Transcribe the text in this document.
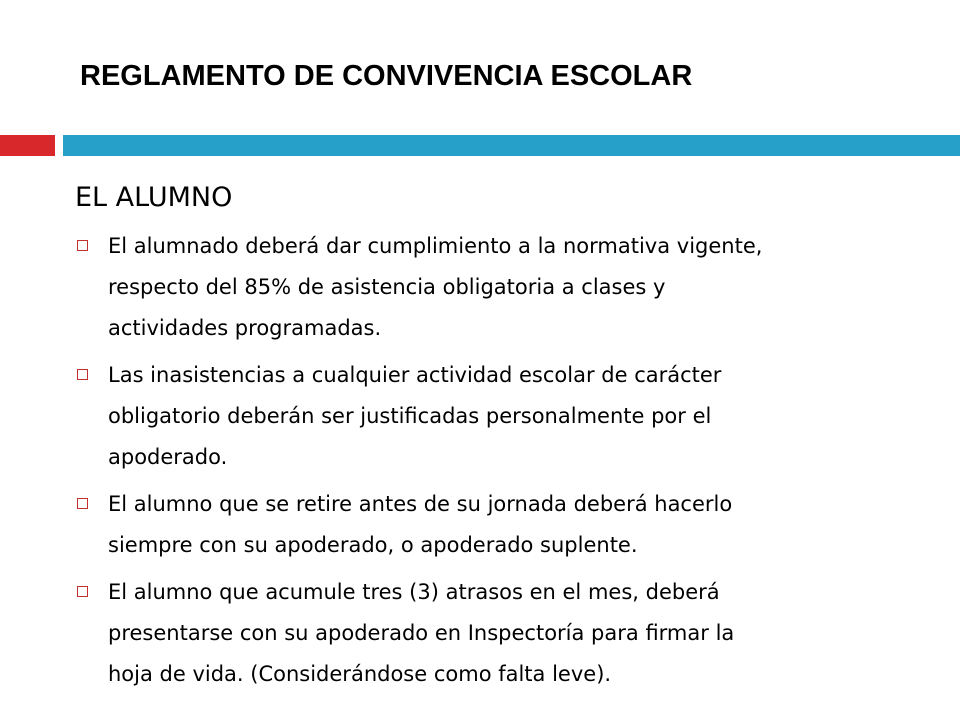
REGLAMENTO DE CONVIVENCIA ESCOLAR
EL ALUMNO
El alumnado deberá dar cumplimiento a la normativa vigente,
respecto del 85% de asistencia obligatoria a clases y
actividades programadas.
Las inasistencias a cualquier actividad escolar de carácter
obligatorio deberán ser justificadas personalmente por el
apoderado.
El alumno que se retire antes de su jornada deberá hacerlo
siempre con su apoderado, o apoderado suplente.
El alumno que acumule tres (3) atrasos en el mes, deberá
presentarse con su apoderado en Inspectoría para firmar la
hoja de vida. (Considerándose como falta leve).
